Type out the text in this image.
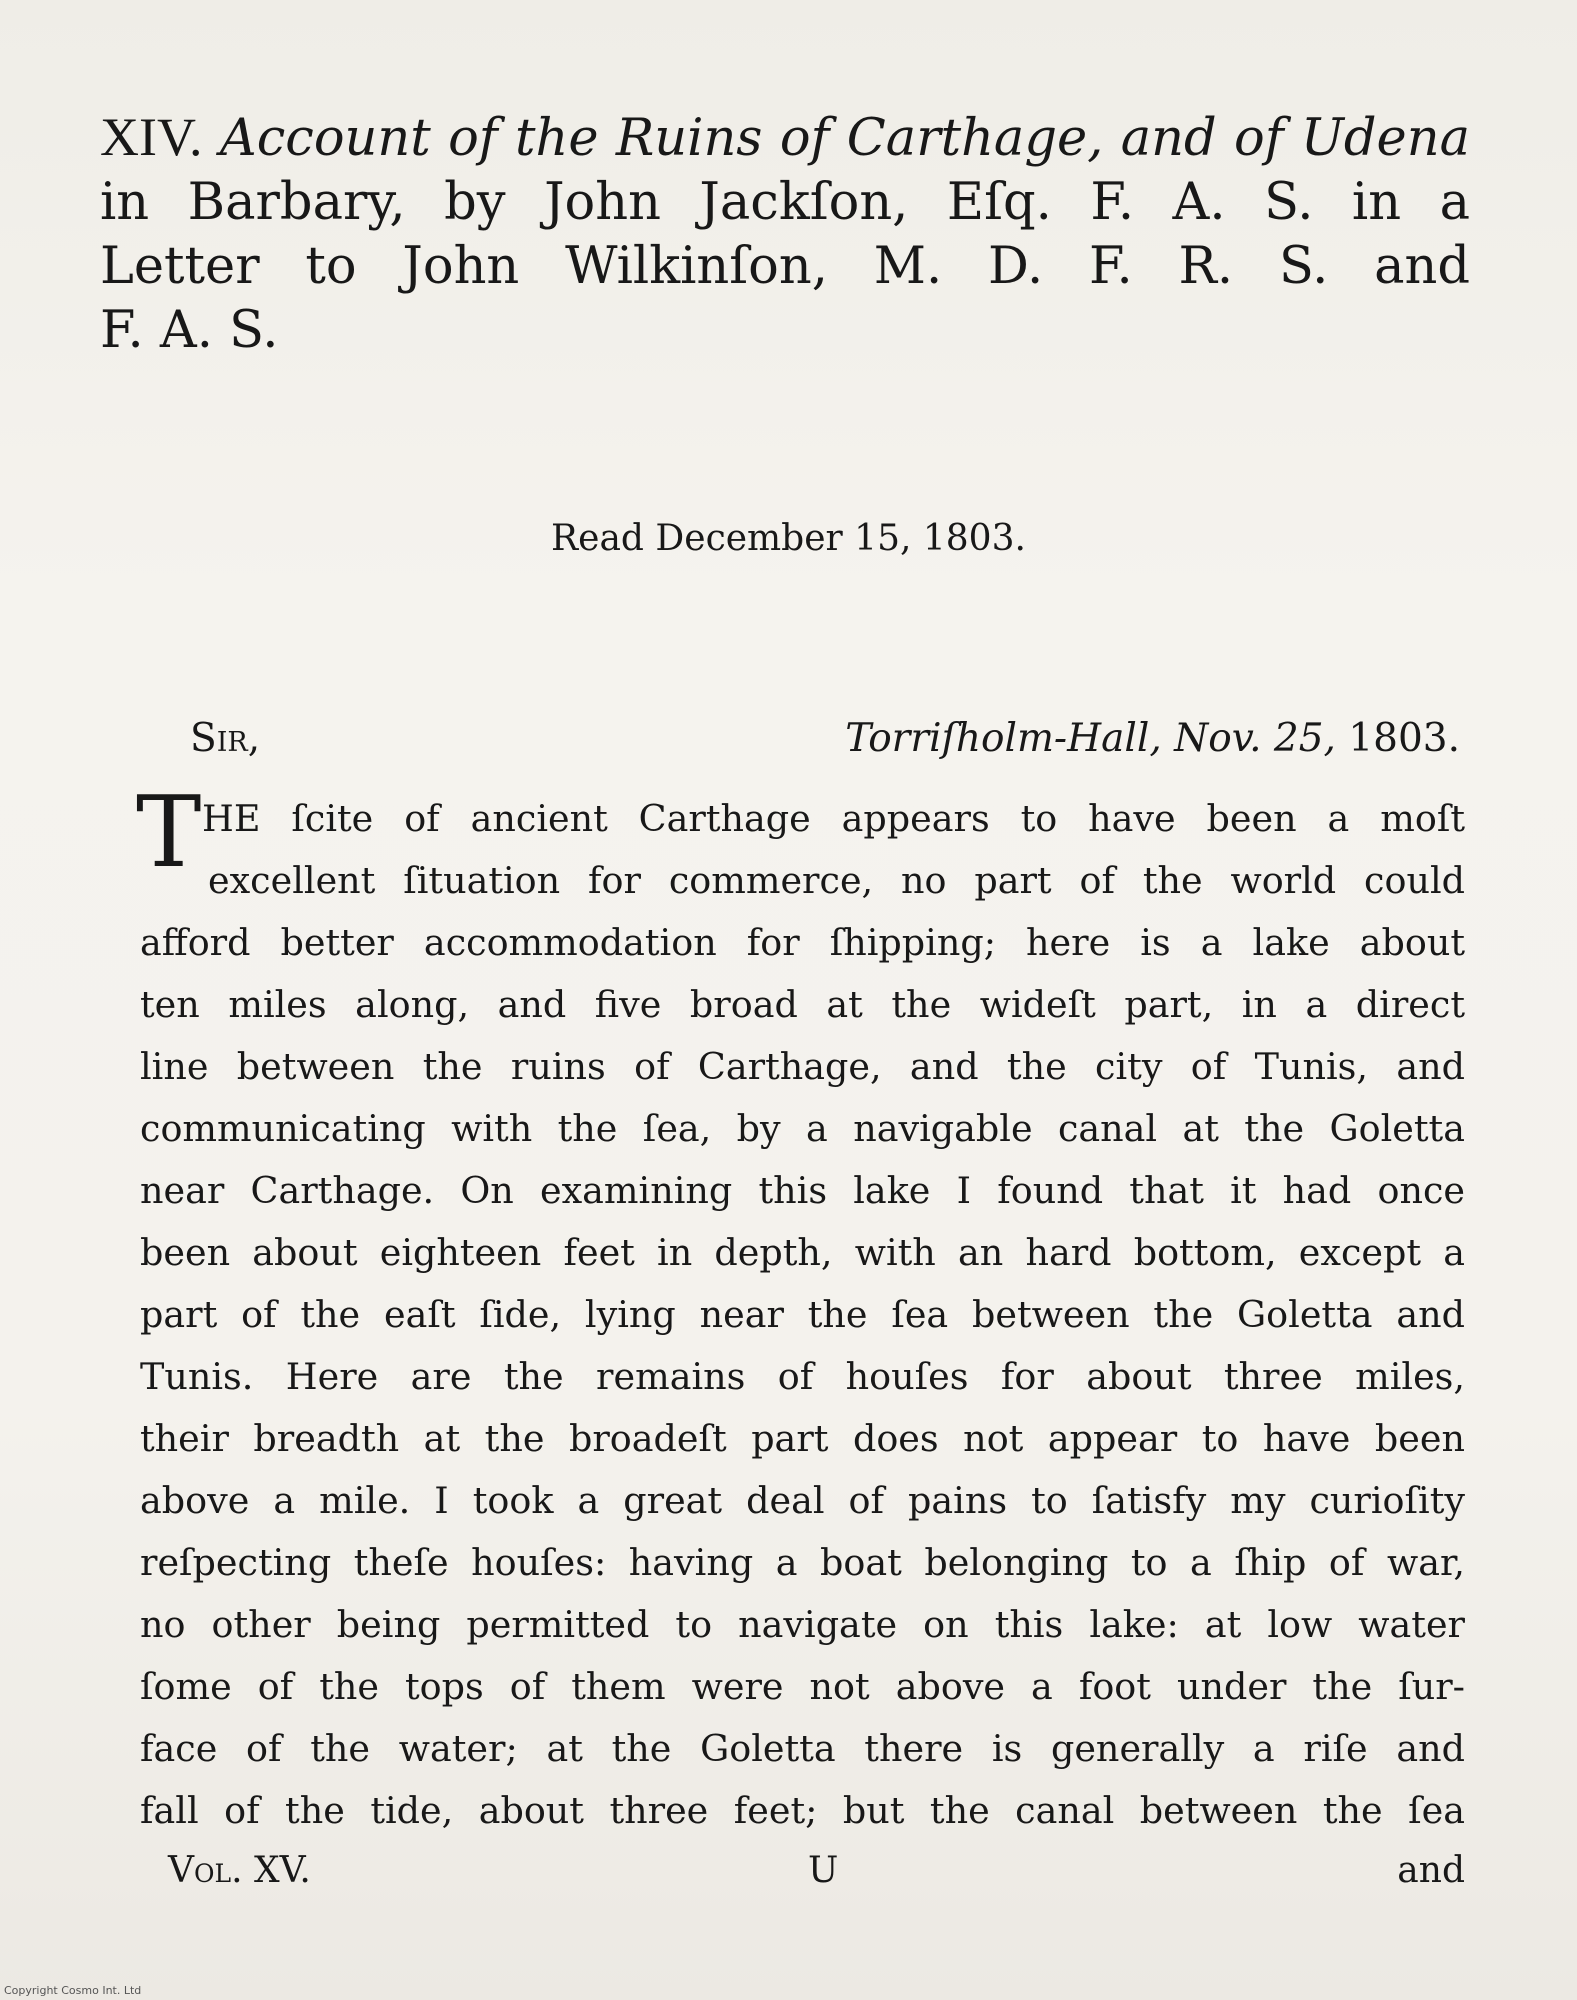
XIV. Account of the Ruins of Carthage, and of Udena
in Barbary, by John Jackſon, Eſq. F. A. S. in a
Letter to John Wilkinſon, M. D. F. R. S. and
F. A. S.
Read December 15, 1803.
Sir,	Torriſholm-Hall, Nov. 25, 1803.
T HE ſcite of ancient Carthage appears to have been a moſt
excellent ſituation for commerce, no part of the world could
afford better accommodation for ſhipping; here is a lake about
ten miles along, and five broad at the wideſt part, in a direct
line between the ruins of Carthage, and the city of Tunis, and
communicating with the ſea, by a navigable canal at the Goletta
near Carthage. On examining this lake I found that it had once
been about eighteen feet in depth, with an hard bottom, except a
part of the eaſt ſide, lying near the ſea between the Goletta and
Tunis. Here are the remains of houſes for about three miles,
their breadth at the broadeſt part does not appear to have been
above a mile. I took a great deal of pains to ſatisfy my curioſity
reſpecting theſe houſes: having a boat belonging to a ſhip of war,
no other being permitted to navigate on this lake: at low water
ſome of the tops of them were not above a foot under the ſur-
face of the water; at the Goletta there is generally a riſe and
fall of the tide, about three feet; but the canal between the ſea
Vol. XV.	U	and
Copyright Cosmo Int. Ltd
